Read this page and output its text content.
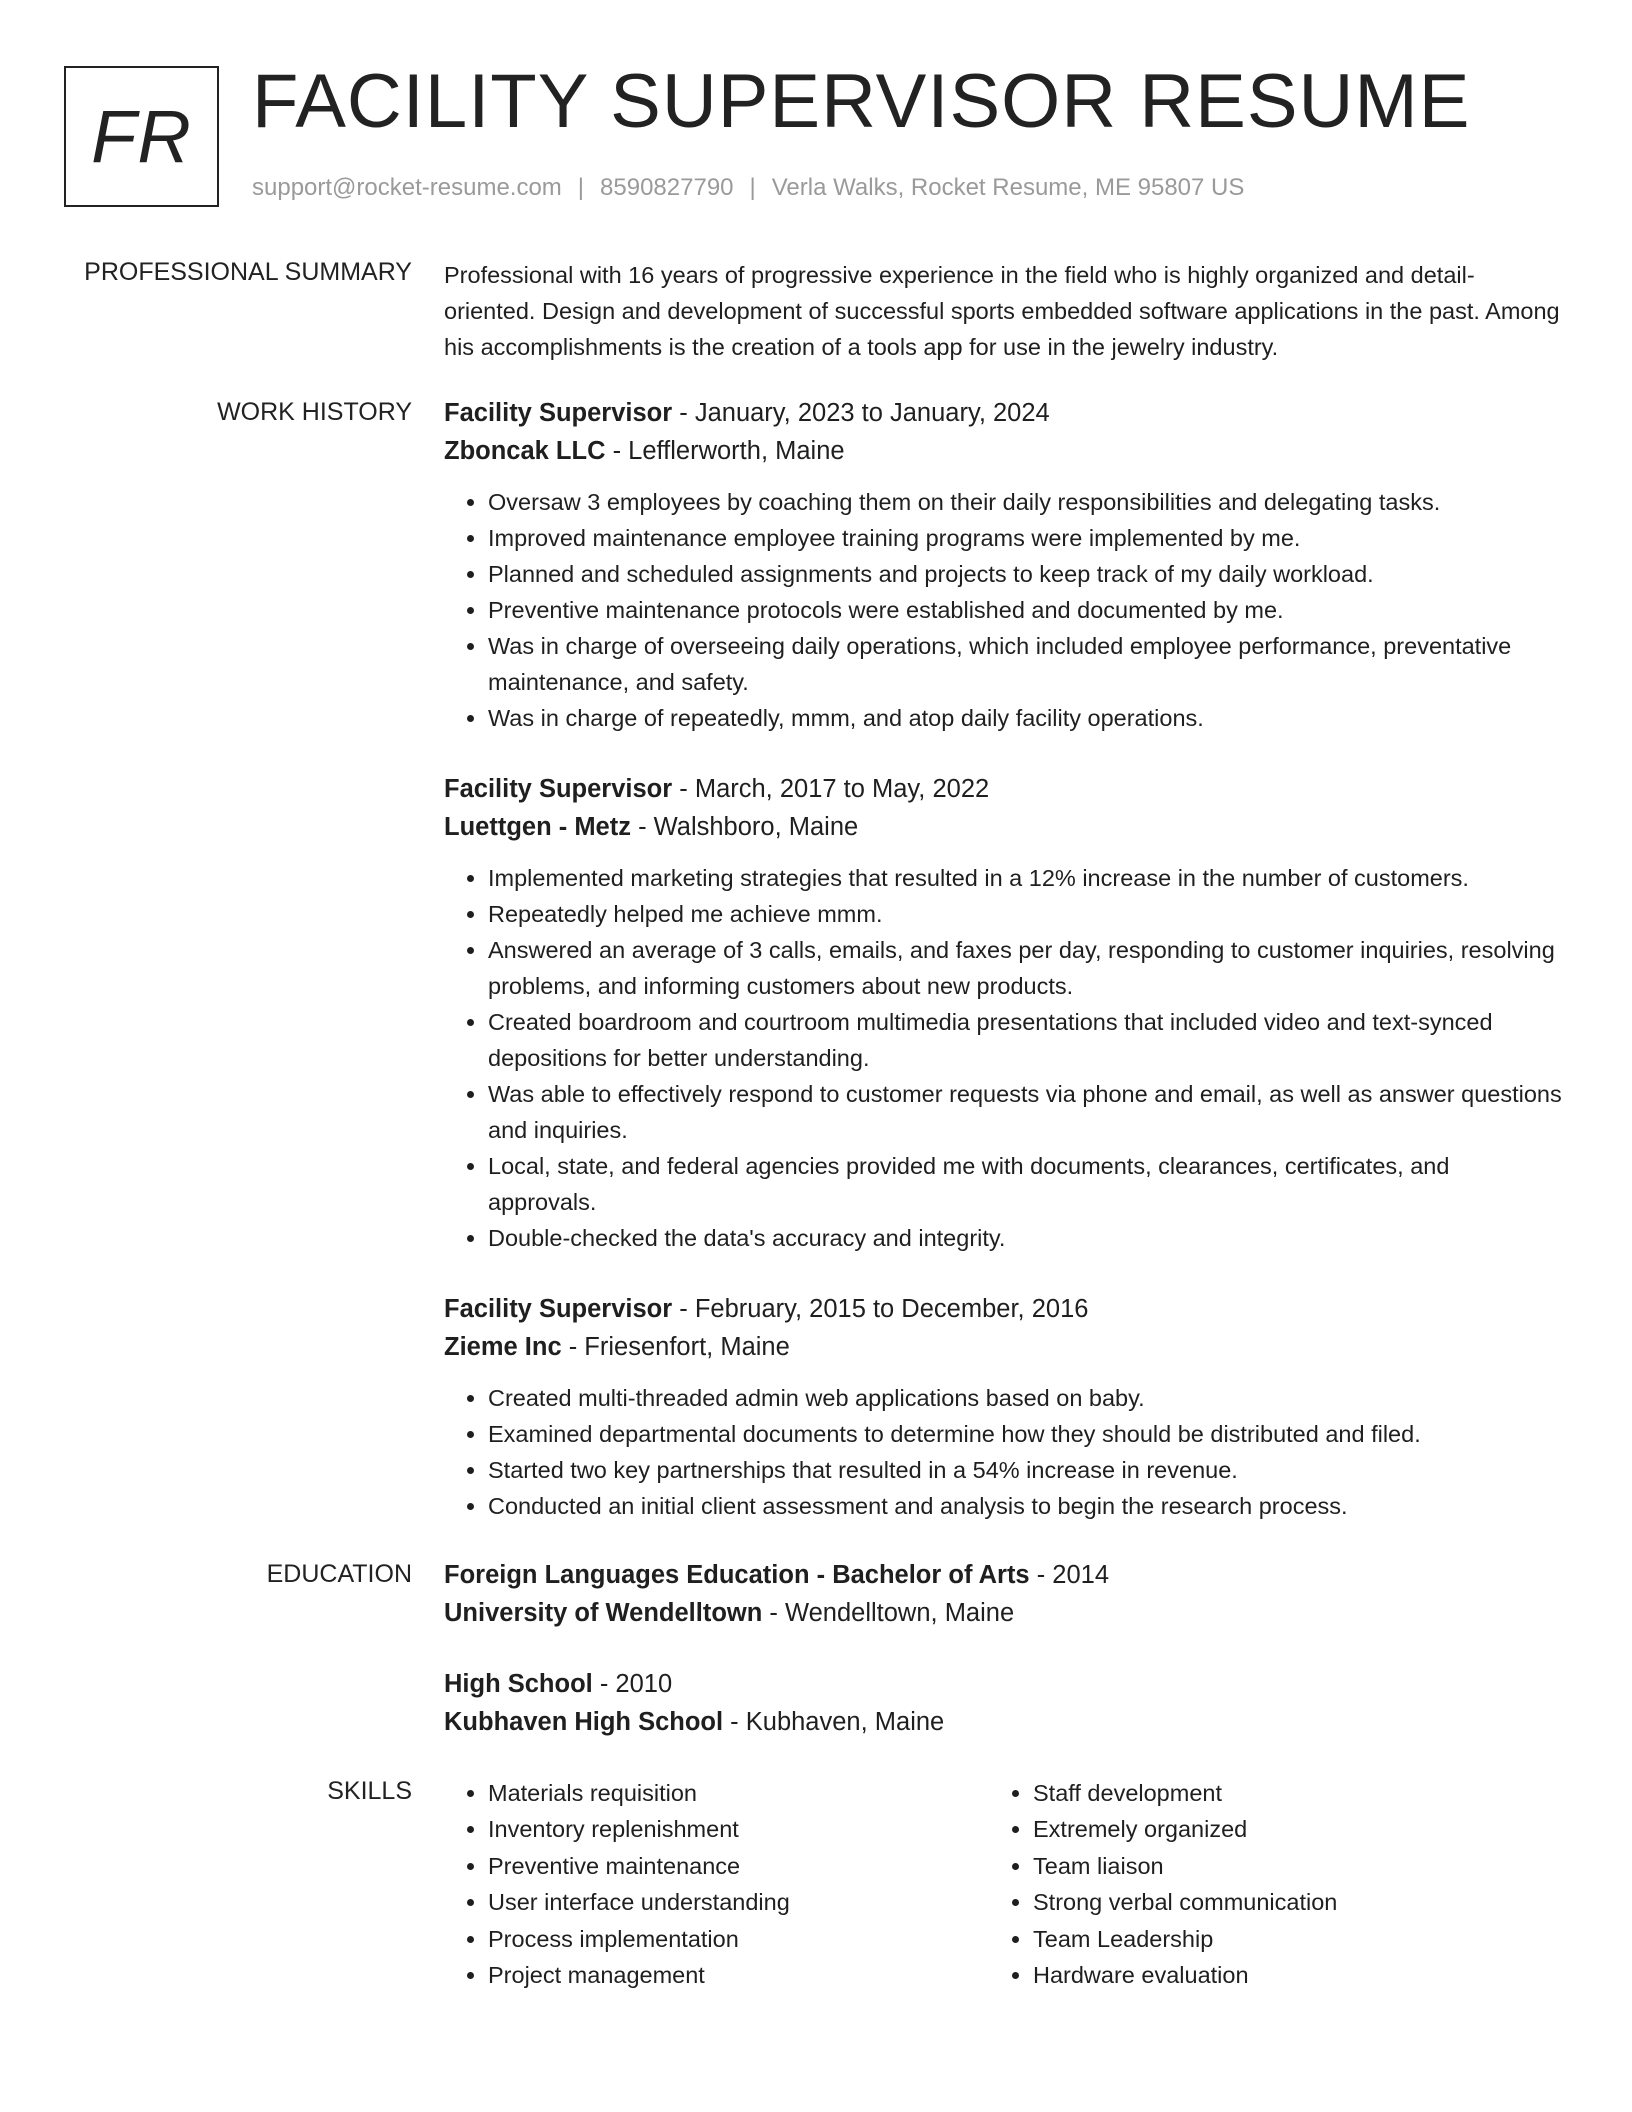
FR FACILITY SUPERVISOR RESUME
support@rocket-resume.com | 8590827790 | Verla Walks, Rocket Resume, ME 95807 US
PROFESSIONAL SUMMARY Professional with 16 years of progressive experience in the field who is highly organized and detail-oriented. Design and development of successful sports embedded software applications in the past. Among his accomplishments is the creation of a tools app for use in the jewelry industry.

WORK HISTORY Facility Supervisor - January, 2023 to January, 2024
Zboncak LLC - Lefflerworth, Maine
• Oversaw 3 employees by coaching them on their daily responsibilities and delegating tasks.
• Improved maintenance employee training programs were implemented by me.
• Planned and scheduled assignments and projects to keep track of my daily workload.
• Preventive maintenance protocols were established and documented by me.
• Was in charge of overseeing daily operations, which included employee performance, preventative maintenance, and safety.
• Was in charge of repeatedly, mmm, and atop daily facility operations.
Facility Supervisor - March, 2017 to May, 2022
Luettgen - Metz - Walshboro, Maine
• Implemented marketing strategies that resulted in a 12% increase in the number of customers.
• Repeatedly helped me achieve mmm.
• Answered an average of 3 calls, emails, and faxes per day, responding to customer inquiries, resolving problems, and informing customers about new products.
• Created boardroom and courtroom multimedia presentations that included video and text-synced depositions for better understanding.
• Was able to effectively respond to customer requests via phone and email, as well as answer questions and inquiries.
• Local, state, and federal agencies provided me with documents, clearances, certificates, and approvals.
• Double-checked the data's accuracy and integrity.
Facility Supervisor - February, 2015 to December, 2016
Zieme Inc - Friesenfort, Maine
• Created multi-threaded admin web applications based on baby.
• Examined departmental documents to determine how they should be distributed and filed.
• Started two key partnerships that resulted in a 54% increase in revenue.
• Conducted an initial client assessment and analysis to begin the research process.
EDUCATION Foreign Languages Education - Bachelor of Arts - 2014
University of Wendelltown - Wendelltown, Maine
High School - 2010
Kubhaven High School - Kubhaven, Maine
SKILLS
•	Materials requisition
• Inventory replenishment
• Preventive maintenance
• User interface understanding
• Process implementation
• Project management
• Staff development
• Extremely organized
• Team liaison
• Strong verbal communication
• Team Leadership
• Hardware evaluation
